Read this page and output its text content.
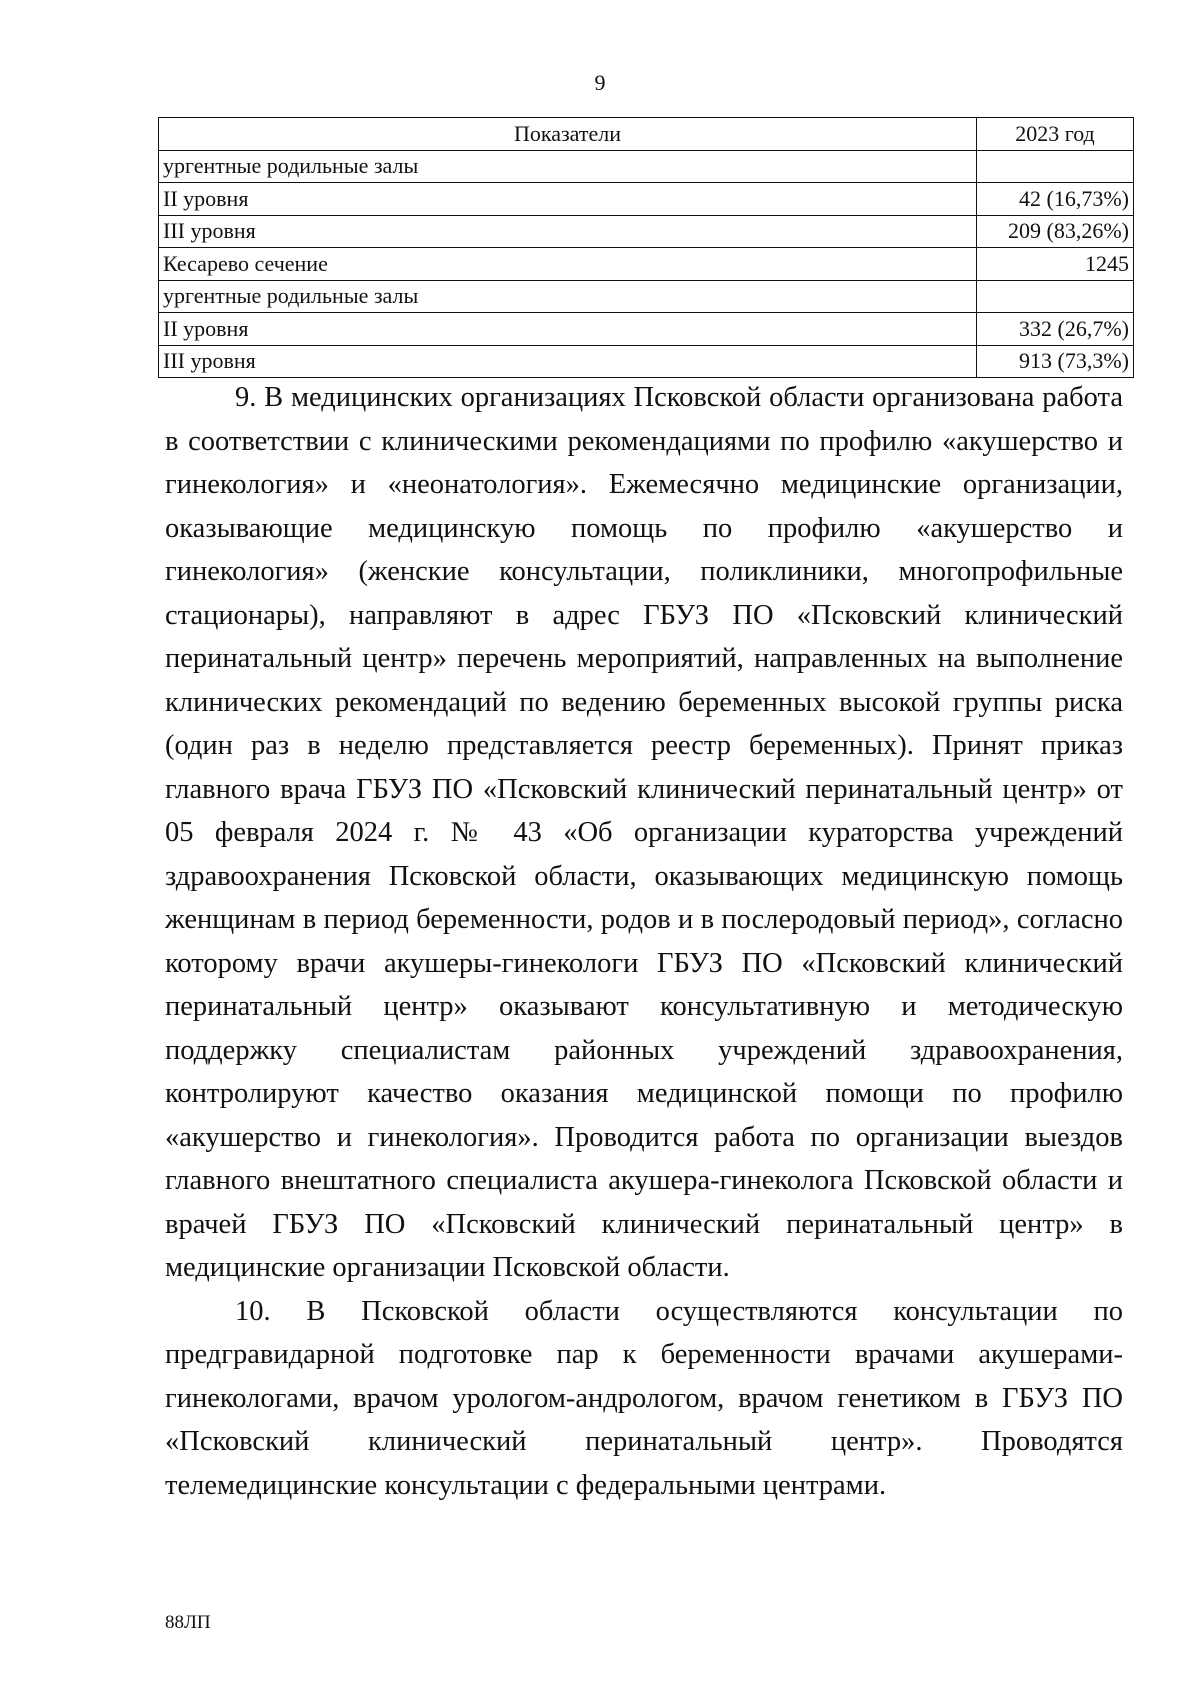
9
Показатели	2023 год
ургентные родильные залы	
II уровня	42 (16,73%)
III уровня	209 (83,26%)
Кесарево сечение	1245
ургентные родильные залы	
II уровня	332 (26,7%)
III уровня	913 (73,3%)

9. В медицинских организациях Псковской области организована работа в соответствии с клиническими рекомендациями по профилю «акушерство и гинекология» и «неонатология». Ежемесячно медицинские организации, оказывающие медицинскую помощь по профилю «акушерство и гинекология» (женские консультации, поликлиники, многопрофильные стационары), направляют в адрес ГБУЗ ПО «Псковский клинический перинатальный центр» перечень мероприятий, направленных на выполнение клинических рекомендаций по ведению беременных высокой группы риска (один раз в неделю представляется реестр беременных). Принят приказ главного врача ГБУЗ ПО «Псковский клинический перинатальный центр» от 05 февраля 2024 г. № 43 «Об организации кураторства учреждений здравоохранения Псковской области, оказывающих медицинскую помощь женщинам в период беременности, родов и в послеродовый период», согласно которому врачи акушеры-гинекологи ГБУЗ ПО «Псковский клинический перинатальный центр» оказывают консультативную и методическую поддержку специалистам районных учреждений здравоохранения, контролируют качество оказания медицинской помощи по профилю «акушерство и гинекология». Проводится работа по организации выездов главного внештатного специалиста акушера-гинеколога Псковской области и врачей ГБУЗ ПО «Псковский клинический перинатальный центр» в медицинские организации Псковской области.

10. В Псковской области осуществляются консультации по предгравидарной подготовке пар к беременности врачами акушерами-гинекологами, врачом урологом-андрологом, врачом генетиком в ГБУЗ ПО «Псковский клинический перинатальный центр». Проводятся телемедицинские консультации с федеральными центрами.

88ЛП
